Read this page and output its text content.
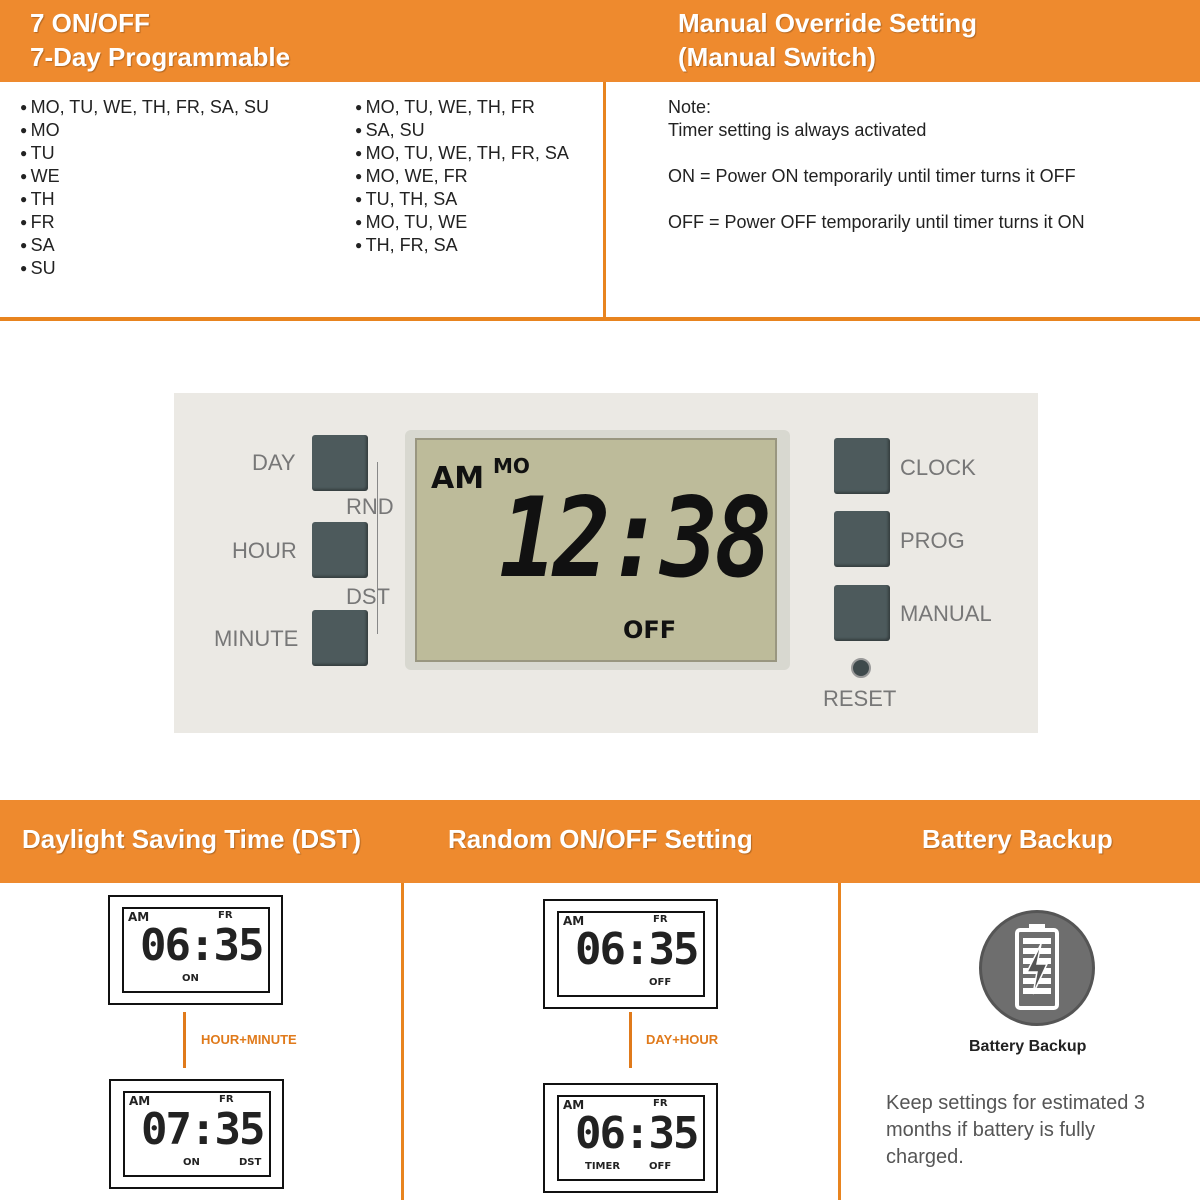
7 ON/OFF
7-Day Programmable
Manual Override Setting
(Manual Switch)
● MO, TU, WE, TH, FR, SA, SU
● MO
● TU
● WE
● TH
● FR
● SA
● SU
● MO, TU, WE, TH, FR
● SA, SU
● MO, TU, WE, TH, FR, SA
● MO, WE, FR
● TU, TH, SA
● MO, TU, WE
● TH, FR, SA
Note:
Timer setting is always activated
ON = Power ON temporarily until timer turns it OFF
OFF = Power OFF temporarily until timer turns it ON
DAY
RND
HOUR
DST
MINUTE
AM MO
12:38
OFF
CLOCK
PROG
MANUAL
RESET
Daylight Saving Time (DST)	Random ON/OFF Setting	Battery Backup
AM	FR
06:35
ON
HOUR+MINUTE
AM	FR
07:35
ON	DST
AM	FR
06:35
OFF
DAY+HOUR
AM	FR
06:35
OFF
TIMER
Battery Backup
Keep settings for estimated 3 months if battery is fully charged.
